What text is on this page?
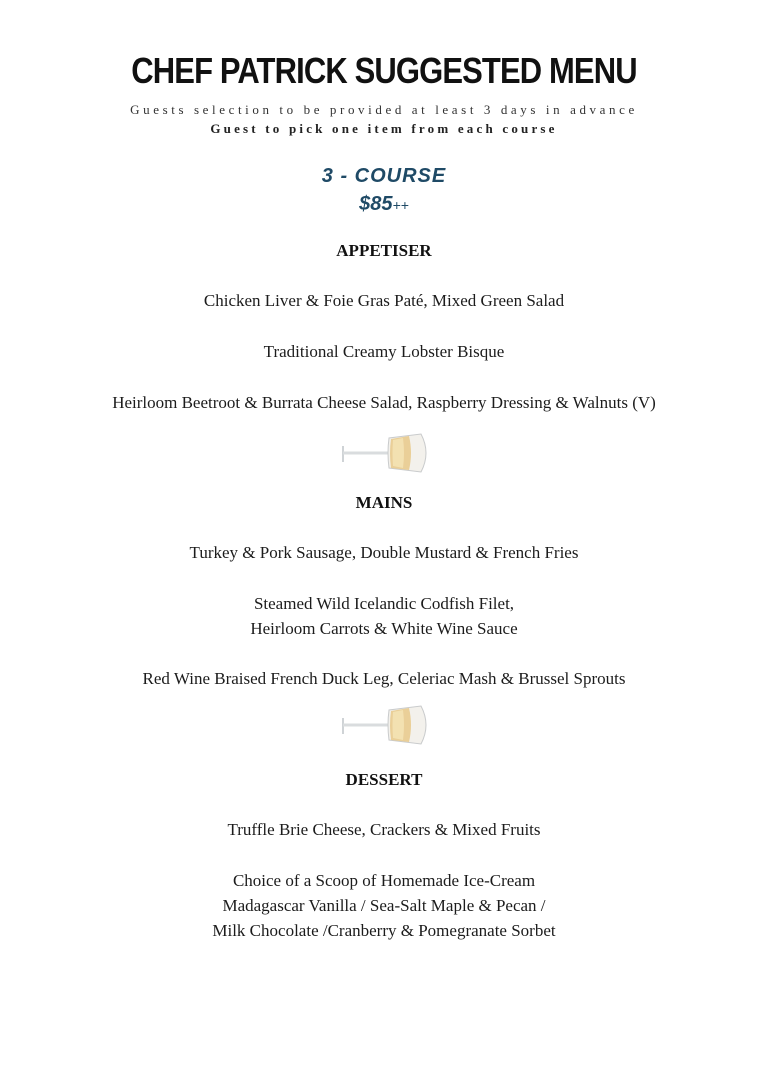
CHEF PATRICK SUGGESTED MENU
Guests selection to be provided at least 3 days in advance
Guest to pick one item from each course
3 - COURSE
$85++
APPETISER
Chicken Liver & Foie Gras Paté, Mixed Green Salad
Traditional Creamy Lobster Bisque
Heirloom Beetroot & Burrata Cheese Salad, Raspberry Dressing & Walnuts (V)
MAINS
Turkey & Pork Sausage, Double Mustard & French Fries
Steamed Wild Icelandic Codfish Filet,
Heirloom Carrots & White Wine Sauce
Red Wine Braised French Duck Leg, Celeriac Mash & Brussel Sprouts
DESSERT
Truffle Brie Cheese, Crackers & Mixed Fruits
Choice of a Scoop of Homemade Ice-Cream
Madagascar Vanilla / Sea-Salt Maple & Pecan /
Milk Chocolate /Cranberry & Pomegranate Sorbet
